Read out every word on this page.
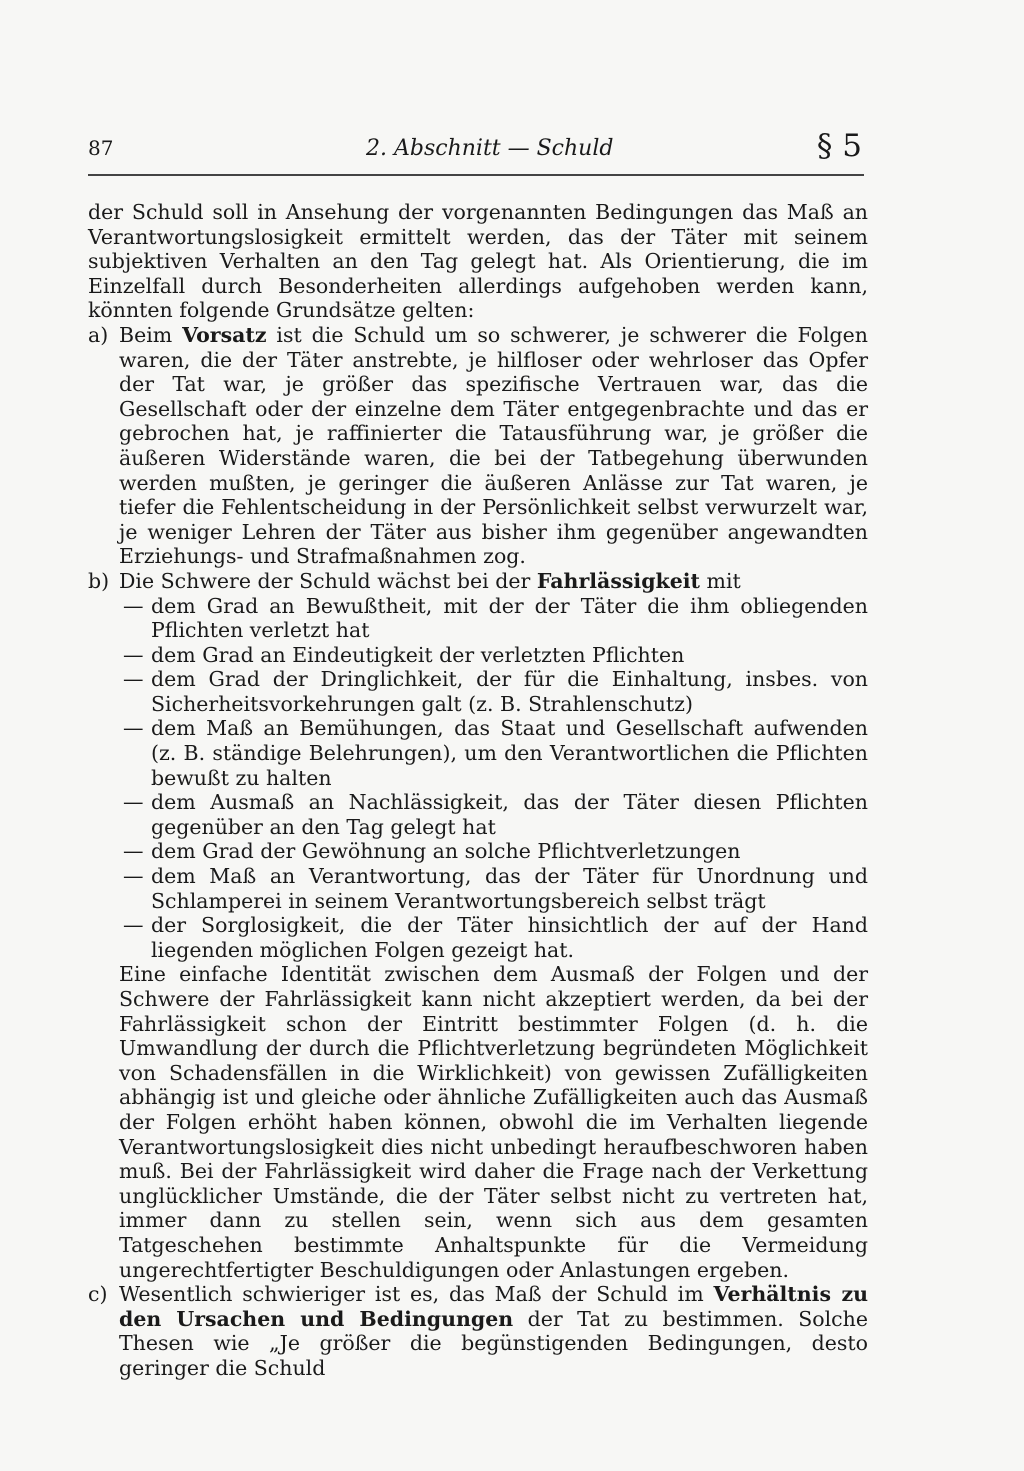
87	2. Abschnitt — Schuld	§ 5
der Schuld soll in Ansehung der vorgenannten Bedingungen das Maß an Verantwortungslosigkeit ermittelt werden, das der Täter mit seinem subjektiven Verhalten an den Tag gelegt hat. Als Orientierung, die im Einzelfall durch Besonderheiten allerdings aufgehoben werden kann, könnten folgende Grundsätze gelten:
a) Beim Vorsatz ist die Schuld um so schwerer, je schwerer die Folgen waren, die der Täter anstrebte, je hilfloser oder wehrloser das Opfer der Tat war, je größer das spezifische Vertrauen war, das die Gesellschaft oder der einzelne dem Täter entgegenbrachte und das er gebrochen hat, je raffinierter die Tatausführung war, je größer die äußeren Widerstände waren, die bei der Tatbegehung überwunden werden mußten, je geringer die äußeren Anlässe zur Tat waren, je tiefer die Fehlentscheidung in der Persönlichkeit selbst verwurzelt war, je weniger Lehren der Täter aus bisher ihm gegenüber angewandten Erziehungs- und Strafmaßnahmen zog.
b) Die Schwere der Schuld wächst bei der Fahrlässigkeit mit
— dem Grad an Bewußtheit, mit der der Täter die ihm obliegenden Pflichten verletzt hat
— dem Grad an Eindeutigkeit der verletzten Pflichten
— dem Grad der Dringlichkeit, der für die Einhaltung, insbes. von Sicherheitsvorkehrungen galt (z. B. Strahlenschutz)
— dem Maß an Bemühungen, das Staat und Gesellschaft aufwenden (z. B. ständige Belehrungen), um den Verantwortlichen die Pflichten bewußt zu halten
— dem Ausmaß an Nachlässigkeit, das der Täter diesen Pflichten gegenüber an den Tag gelegt hat
— dem Grad der Gewöhnung an solche Pflichtverletzungen
— dem Maß an Verantwortung, das der Täter für Unordnung und Schlamperei in seinem Verantwortungsbereich selbst trägt
— der Sorglosigkeit, die der Täter hinsichtlich der auf der Hand liegenden möglichen Folgen gezeigt hat.
Eine einfache Identität zwischen dem Ausmaß der Folgen und der Schwere der Fahrlässigkeit kann nicht akzeptiert werden, da bei der Fahrlässigkeit schon der Eintritt bestimmter Folgen (d. h. die Umwandlung der durch die Pflichtverletzung begründeten Möglichkeit von Schadensfällen in die Wirklichkeit) von gewissen Zufälligkeiten abhängig ist und gleiche oder ähnliche Zufälligkeiten auch das Ausmaß der Folgen erhöht haben können, obwohl die im Verhalten liegende Verantwortungslosigkeit dies nicht unbedingt heraufbeschworen haben muß. Bei der Fahrlässigkeit wird daher die Frage nach der Verkettung unglücklicher Umstände, die der Täter selbst nicht zu vertreten hat, immer dann zu stellen sein, wenn sich aus dem gesamten Tatgeschehen bestimmte Anhaltspunkte für die Vermeidung ungerechtfertigter Beschuldigungen oder Anlastungen ergeben.
c) Wesentlich schwieriger ist es, das Maß der Schuld im Verhältnis zu den Ursachen und Bedingungen der Tat zu bestimmen. Solche Thesen wie „Je größer die begünstigenden Bedingungen, desto geringer die Schuld
